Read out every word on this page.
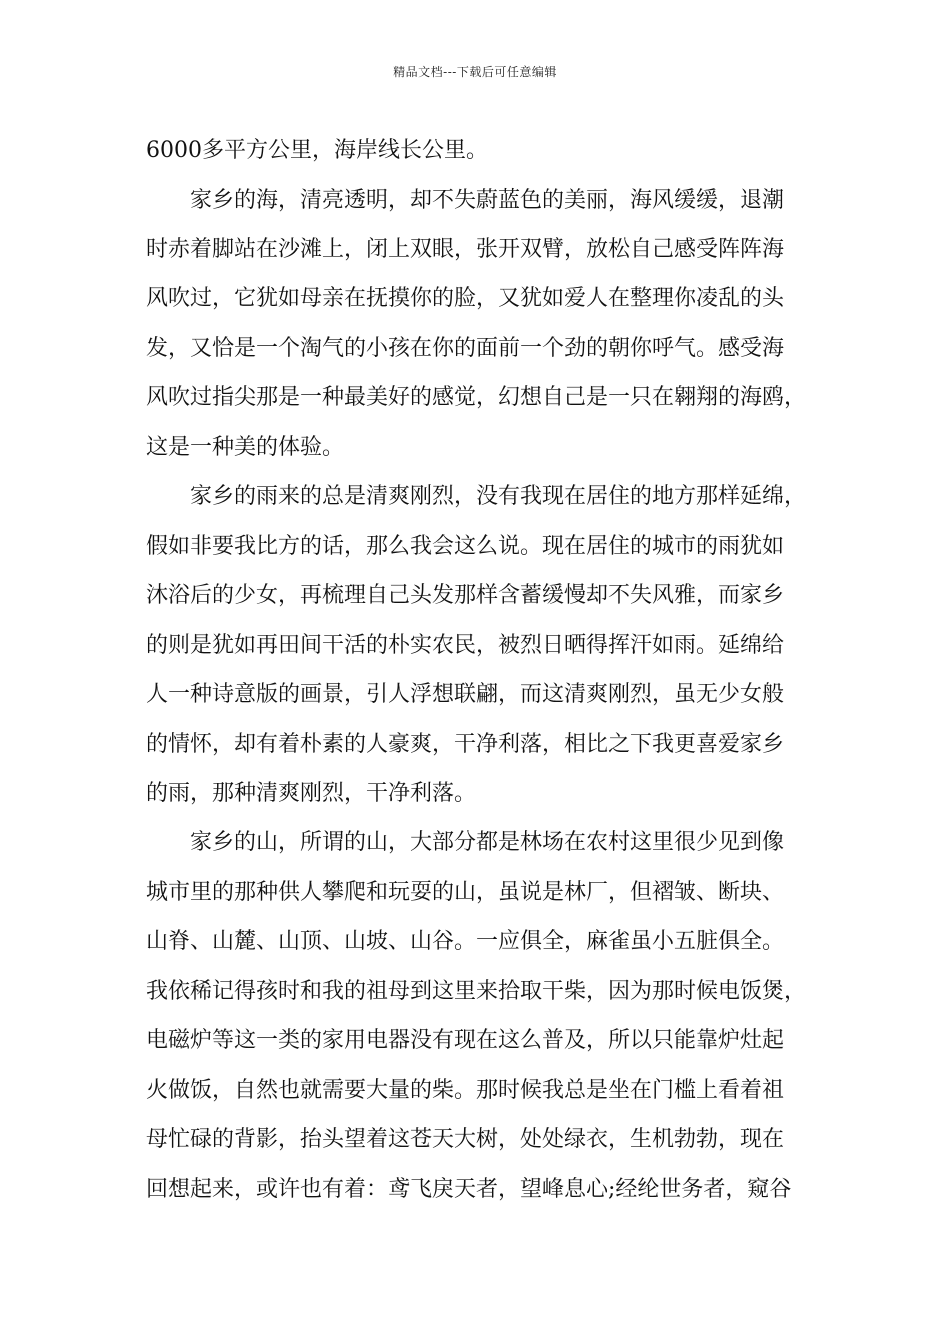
精品文档---下载后可任意编辑
6000多平方公里，海岸线长公里。
　　家乡的海，清亮透明，却不失蔚蓝色的美丽，海风缓缓，退潮
时赤着脚站在沙滩上，闭上双眼，张开双臂，放松自己感受阵阵海
风吹过，它犹如母亲在抚摸你的脸，又犹如爱人在整理你凌乱的头
发，又恰是一个淘气的小孩在你的面前一个劲的朝你呼气。感受海
风吹过指尖那是一种最美好的感觉，幻想自己是一只在翱翔的海鸥，
这是一种美的体验。
　　家乡的雨来的总是清爽刚烈，没有我现在居住的地方那样延绵，
假如非要我比方的话，那么我会这么说。现在居住的城市的雨犹如
沐浴后的少女，再梳理自己头发那样含蓄缓慢却不失风雅，而家乡
的则是犹如再田间干活的朴实农民，被烈日晒得挥汗如雨。延绵给
人一种诗意版的画景，引人浮想联翩，而这清爽刚烈，虽无少女般
的情怀，却有着朴素的人豪爽，干净利落，相比之下我更喜爱家乡
的雨，那种清爽刚烈，干净利落。
　　家乡的山，所谓的山，大部分都是林场在农村这里很少见到像
城市里的那种供人攀爬和玩耍的山，虽说是林厂，但褶皱、断块、
山脊、山麓、山顶、山坡、山谷。一应俱全，麻雀虽小五脏俱全。
我依稀记得孩时和我的祖母到这里来拾取干柴，因为那时候电饭煲，
电磁炉等这一类的家用电器没有现在这么普及，所以只能靠炉灶起
火做饭，自然也就需要大量的柴。那时候我总是坐在门槛上看着祖
母忙碌的背影，抬头望着这苍天大树，处处绿衣，生机勃勃，现在
回想起来，或许也有着：鸢飞戾天者，望峰息心;经纶世务者，窥谷
